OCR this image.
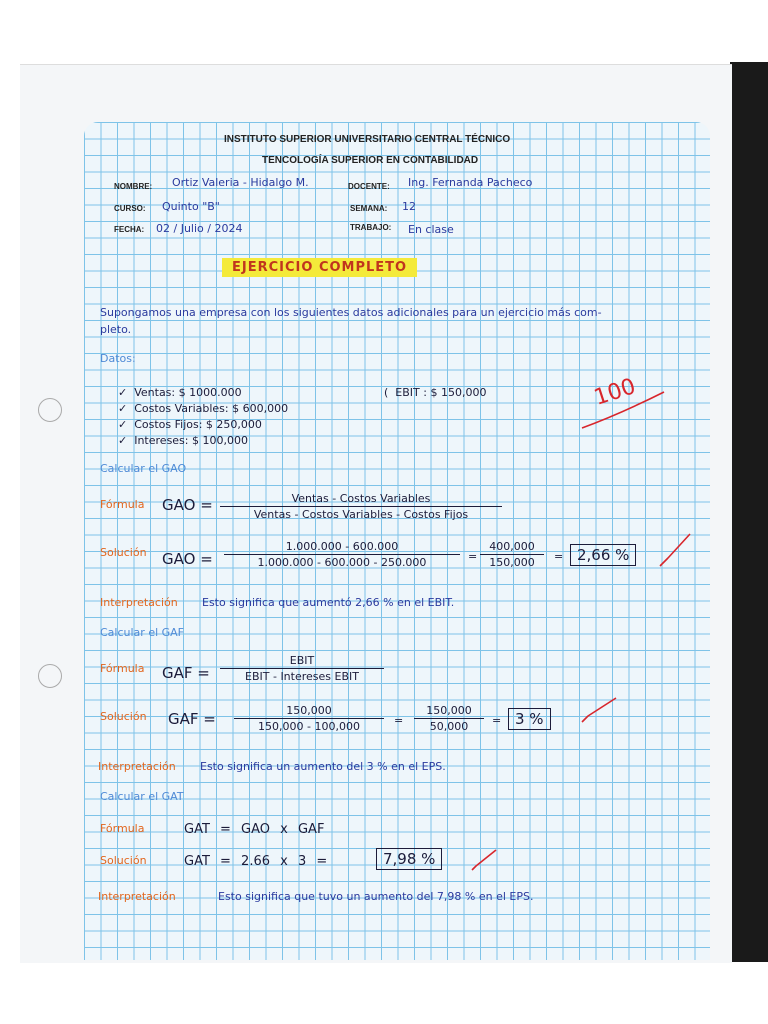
INSTITUTO SUPERIOR UNIVERSITARIO CENTRAL TÉCNICO
TENCOLOGÍA SUPERIOR EN CONTABILIDAD
NOMBRE: Ortiz Valeria - Hidalgo M.	DOCENTE: Ing. Fernanda Pacheco
CURSO: Quinto "B"	SEMANA: 12
FECHA: 02 / Julio / 2024	TRABAJO: En clase
EJERCICIO COMPLETO
Supongamos una empresa con los siguientes datos adicionales para un ejercicio más com-
pleto.
Datos:
✓ Ventas: $ 1000.000
✓ Costos Variables: $ 600,000
✓ Costos Fijos: $ 250,000
✓ Intereses: $ 100,000
( EBIT : $ 150,000	100
Calcular el GAO
Fórmula GAO =	Ventas - Costos Variables
Ventas - Costos Variables - Costos Fijos
Solución GAO =
1.000.000 - 600.000
1.000.000 - 600.000 - 250.000	=
400,000
150,000	= 2,66 %
Interpretación Esto significa que aumentó 2,66 % en el EBIT.
Calcular el GAF
Fórmula GAF =
EBIT
EBIT - Intereses EBIT
Solución GAF =	150,000
150,000 - 100,000	=
150,000
50,000	= 3 %
Interpretación Esto significa un aumento del 3 % en el EPS.
Calcular el GAT
Fórmula	GAT = GAO x GAF
Solución	GAT = 2.66 x 3 =	7,98 %
Interpretación	Esto significa que tuvo un aumento del 7,98 % en el EPS.
